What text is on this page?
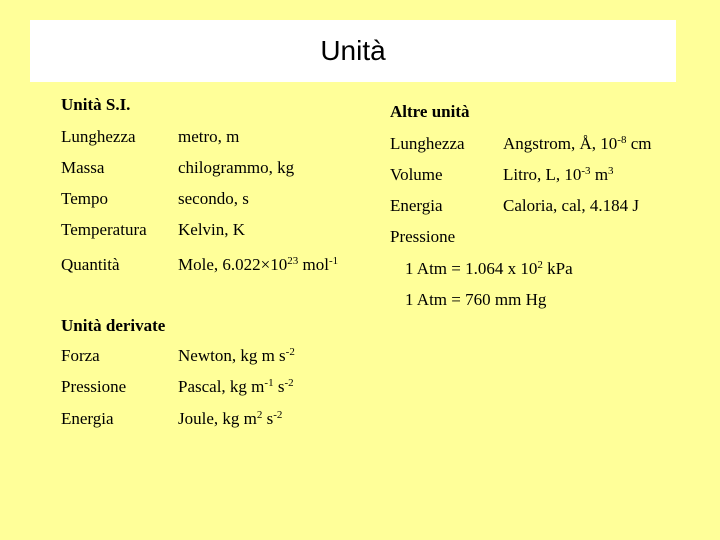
Unità
Unità S.I.
Lunghezza metro, m
Massa	chilogrammo, kg
Tempo	secondo, s
Temperatura Kelvin, K
Quantità	Mole, $6.022\times 10^{23}$ mol$^{-1}$
Unità derivate
Forza	Newton, kg m $s^{-2}$
Pressione	Pascal, kg $m^{-1}$ $s^{-2}$
Energia	Joule, kg $m^2$ $s^{-2}$
Altre unità
Lunghezza Angstrom, Å, $10^{-8}$ cm
Volume	Litro, L, $10^{-3}$ $m^3$
Energia	Caloria, cal, 4.184 J
Pressione
1 Atm = 1.064 x $10^2$ kPa
1 Atm = 760 mm Hg
